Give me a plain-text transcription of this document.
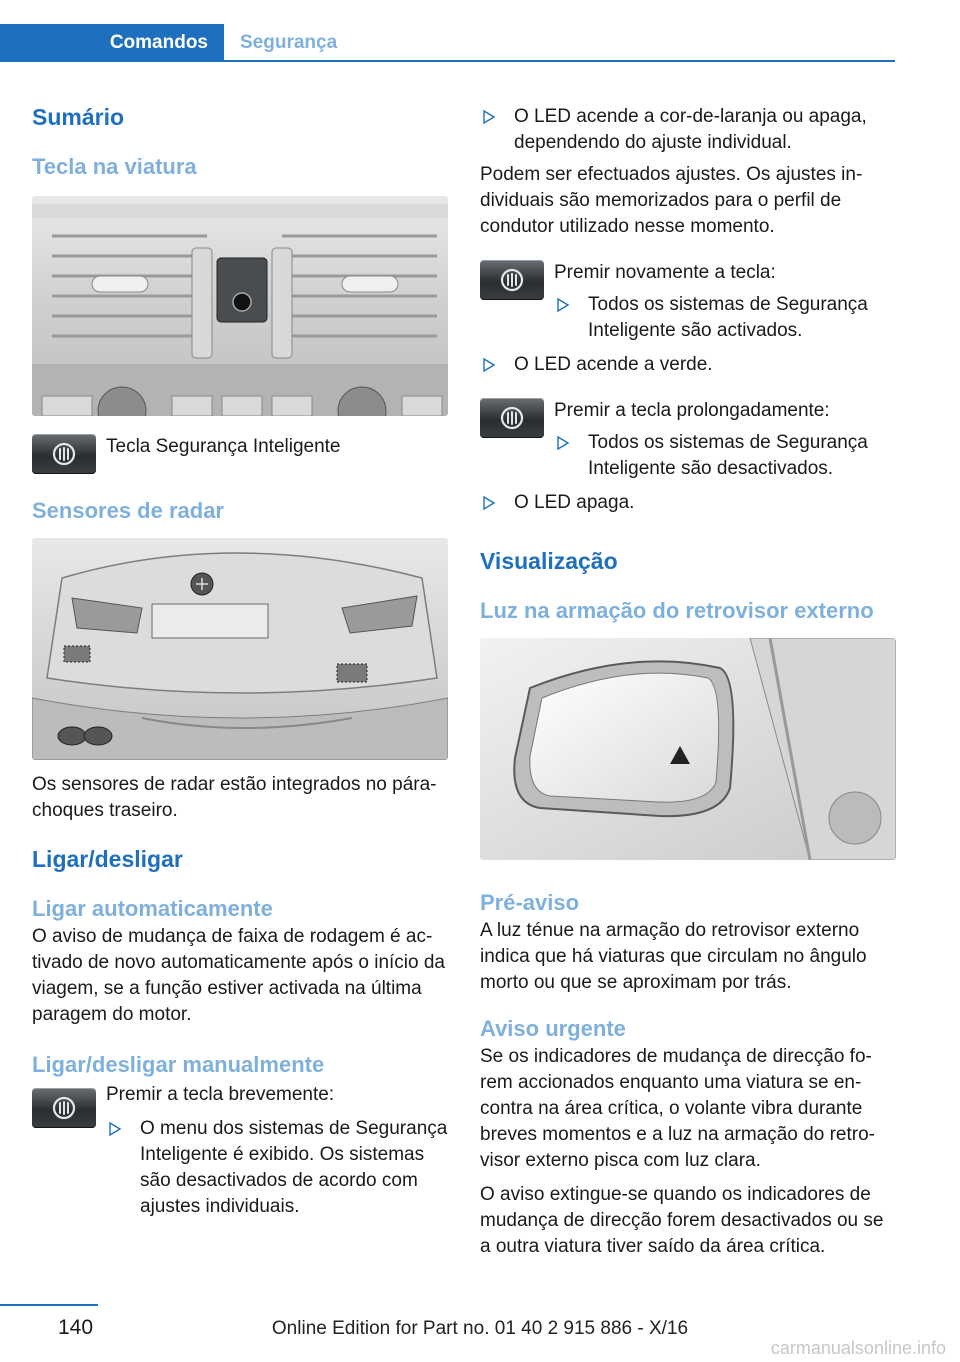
Comandos	Segurança
Sumário
Tecla na viatura

Tecla Segurança Inteligente

Sensores de radar

Os sensores de radar estão integrados no pára-choques traseiro.

Ligar/desligar
Ligar automaticamente

O aviso de mudança de faixa de rodagem é activado de novo automaticamente após o início da viagem, se a função estiver activada na última paragem do motor.

Ligar/desligar manualmente

Premir a tecla brevemente:

O menu dos sistemas de Segurança Inteligente é exibido. Os sistemas são desactivados de acordo com ajustes individuais.

O LED acende a cor-de-laranja ou apaga, dependendo do ajuste individual.

Podem ser efectuados ajustes. Os ajustes individuais são memorizados para o perfil de condutor utilizado nesse momento.

Premir novamente a tecla:

Todos os sistemas de Segurança Inteligente são activados.

O LED acende a verde.

Premir a tecla prolongadamente:

Todos os sistemas de Segurança Inteligente são desactivados.

O LED apaga.

Visualização
Luz na armação do retrovisor externo
Pré-aviso

A luz ténue na armação do retrovisor externo indica que há viaturas que circulam no ângulo morto ou que se aproximam por trás.

Aviso urgente

Se os indicadores de mudança de direcção forem accionados enquanto uma viatura se encontra na área crítica, o volante vibra durante breves momentos e a luz na armação do retrovisor externo pisca com luz clara.

O aviso extingue-se quando os indicadores de mudança de direcção forem desactivados ou se a outra viatura tiver saído da área crítica.

140	Online Edition for Part no. 01 40 2 915 886 - X/16
carmanualsonline.info
